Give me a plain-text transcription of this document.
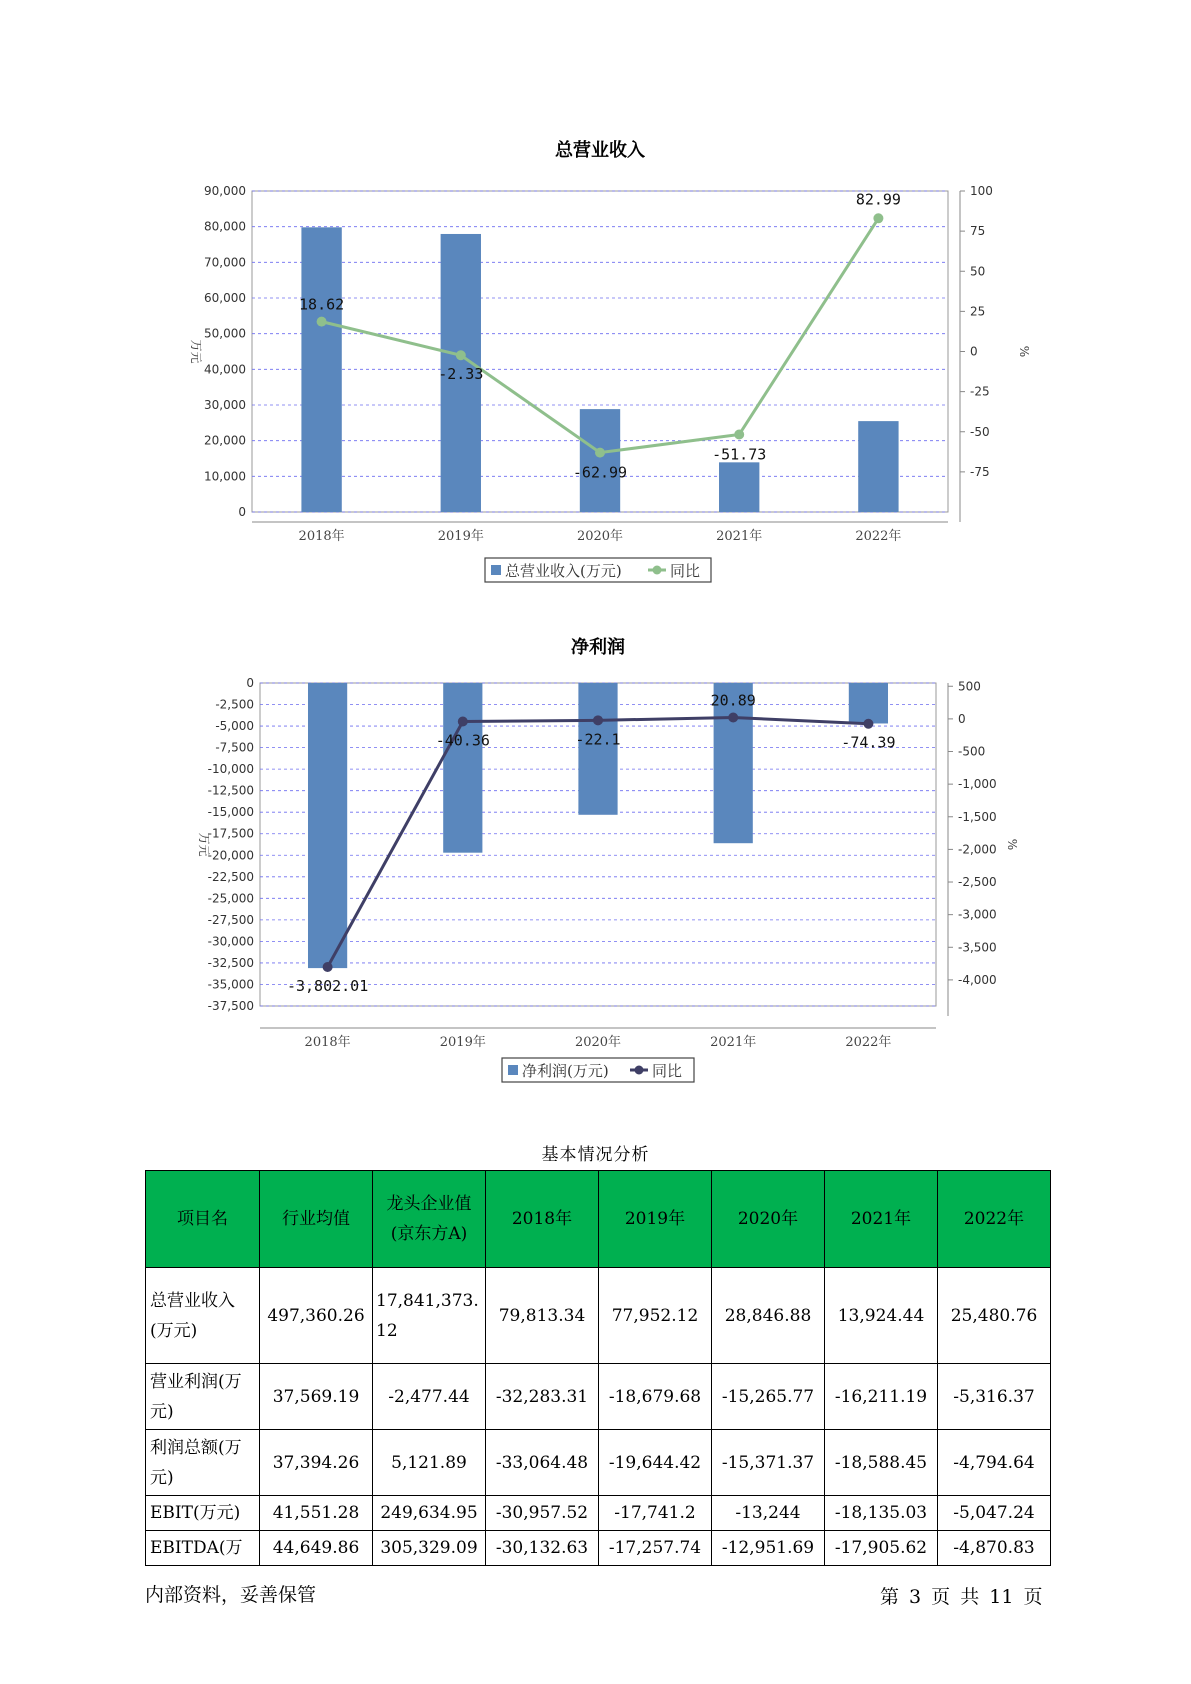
总营业收入
90,000
80,000
70,000
60,000
50,000
40,000
30,000
20,000
10,000
0
100
75
50
25
0
-25
-50
-75
2018年	2019年	2020年	2021年	2022年
万元	%
18.62
-2.33
-62.99
-51.73
82.99
总营业收入(万元)	同比
净利润
0
-2,500
-5,000
-7,500
-10,000
-12,500
-15,000
-17,500
-20,000
-22,500
-25,000
-27,500
-30,000
-32,500
-35,000
-37,500
500
0
-500
-1,000
-1,500
-2,000
-2,500
-3,000
-3,500
-4,000
2018年	2019年	2020年	2021年	2022年
万元	%
-3,802.01
-40.36	-22.1
20.89
-74.39
净利润(万元)	同比
基本情况分析
项目名	行业均值	龙头企业值(京东方A)	2018年	2019年	2020年	2021年	2022年
总营业收入(万元)	497,360.26	17,841,373.12	79,813.34	77,952.12	28,846.88	13,924.44	25,480.76
营业利润(万元)	37,569.19	-2,477.44	-32,283.31	-18,679.68	-15,265.77	-16,211.19	-5,316.37
利润总额(万元)	37,394.26	5,121.89	-33,064.48	-19,644.42	-15,371.37	-18,588.45	-4,794.64
EBIT(万元)	41,551.28	249,634.95	-30,957.52	-17,741.2	-13,244	-18,135.03	-5,047.24
EBITDA(万	44,649.86	305,329.09	-30,132.63	-17,257.74	-12,951.69	-17,905.62	-4,870.83
内部资料，妥善保管	第 3 页 共 11 页
